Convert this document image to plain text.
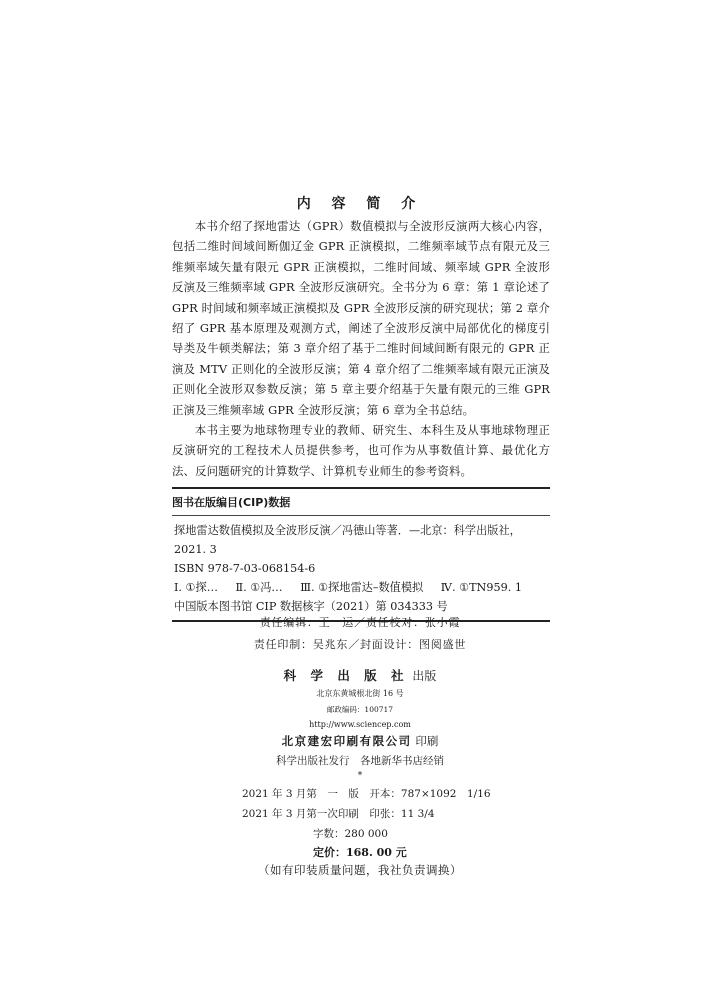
内 容 简 介

本书介绍了探地雷达（GPR）数值模拟与全波形反演两大核心内容，包括二维时间域间断伽辽金 GPR 正演模拟，二维频率域节点有限元及三维频率域矢量有限元 GPR 正演模拟，二维时间域、频率域 GPR 全波形反演及三维频率域 GPR 全波形反演研究。全书分为 6 章：第 1 章论述了 GPR 时间域和频率域正演模拟及 GPR 全波形反演的研究现状；第 2 章介绍了 GPR 基本原理及观测方式，阐述了全波形反演中局部优化的梯度引导类及牛顿类解法；第 3 章介绍了基于二维时间域间断有限元的 GPR 正演及 MTV 正则化的全波形反演；第 4 章介绍了二维频率域有限元正演及正则化全波形双参数反演；第 5 章主要介绍基于矢量有限元的三维 GPR 正演及三维频率域 GPR 全波形反演；第 6 章为全书总结。

本书主要为地球物理专业的教师、研究生、本科生及从事地球物理正反演研究的工程技术人员提供参考，也可作为从事数值计算、最优化方法、反问题研究的计算数学、计算机专业师生的参考资料。

图书在版编目(CIP)数据
探地雷达数值模拟及全波形反演／冯德山等著．—北京：科学出版社，
2021. 3
ISBN 978-7-03-068154-6
Ⅰ. ①探… Ⅱ. ①冯… Ⅲ. ①探地雷达–数值模拟 Ⅳ. ①TN959. 1
中国版本图书馆 CIP 数据核字（2021）第 034333 号
责任编辑：王　运／责任校对：张小霞
责任印制：吴兆东／封面设计：图阅盛世
科 学 出 版 社 出版
北京东黄城根北街 16 号
邮政编码：100717
http://www.sciencep.com
北京建宏印刷有限公司 印刷
科学出版社发行　各地新华书店经销
*
2021 年 3 月第　一　版　开本：787×1092　1/16
2021 年 3 月第一次印刷　印张：11 3/4
字数：280 000
定价：168. 00 元
（如有印装质量问题，我社负责调换）
